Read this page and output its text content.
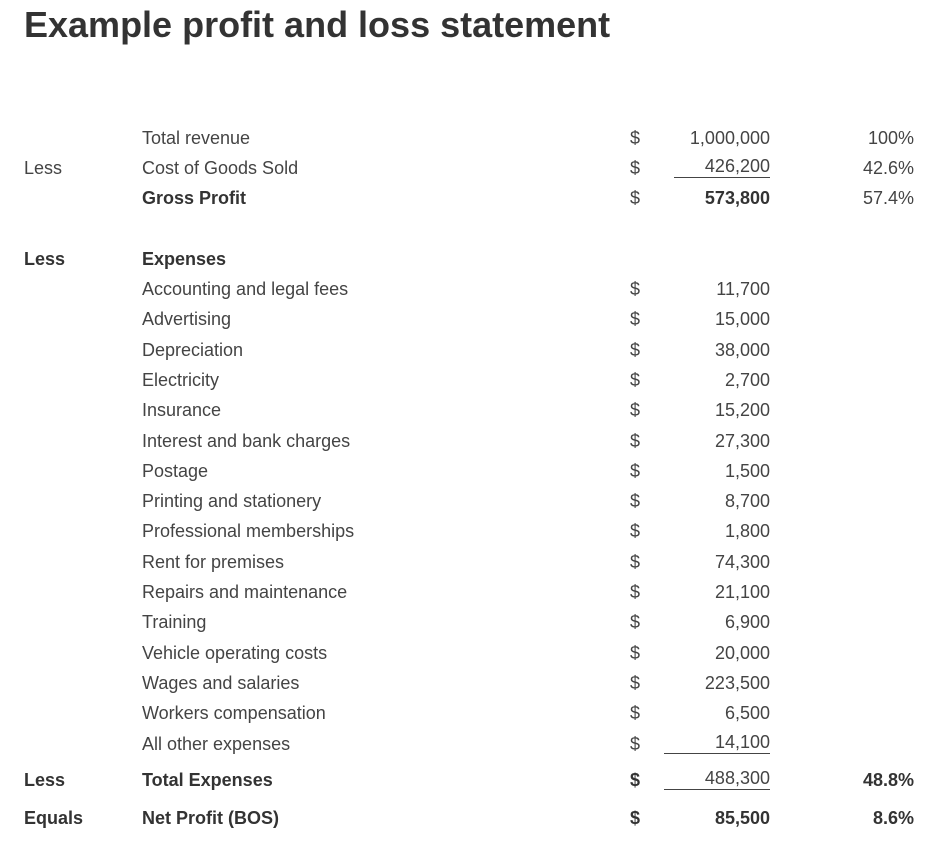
Example profit and loss statement
Total revenue	$	1,000,000	100%
Less	Cost of Goods Sold	$	426,200	42.6%
Gross Profit	$	573,800	57.4%
Less	Expenses
Accounting and legal fees	$	11,700
Advertising	$	15,000
Depreciation	$	38,000
Electricity	$	2,700
Insurance	$	15,200
Interest and bank charges	$	27,300
Postage	$	1,500
Printing and stationery	$	8,700
Professional memberships	$	1,800
Rent for premises	$	74,300
Repairs and maintenance	$	21,100
Training	$	6,900
Vehicle operating costs	$	20,000
Wages and salaries	$	223,500
Workers compensation	$	6,500
All other expenses	$	14,100
Less	Total Expenses	$	488,300	48.8%
Equals	Net Profit (BOS)	$	85,500	8.6%
